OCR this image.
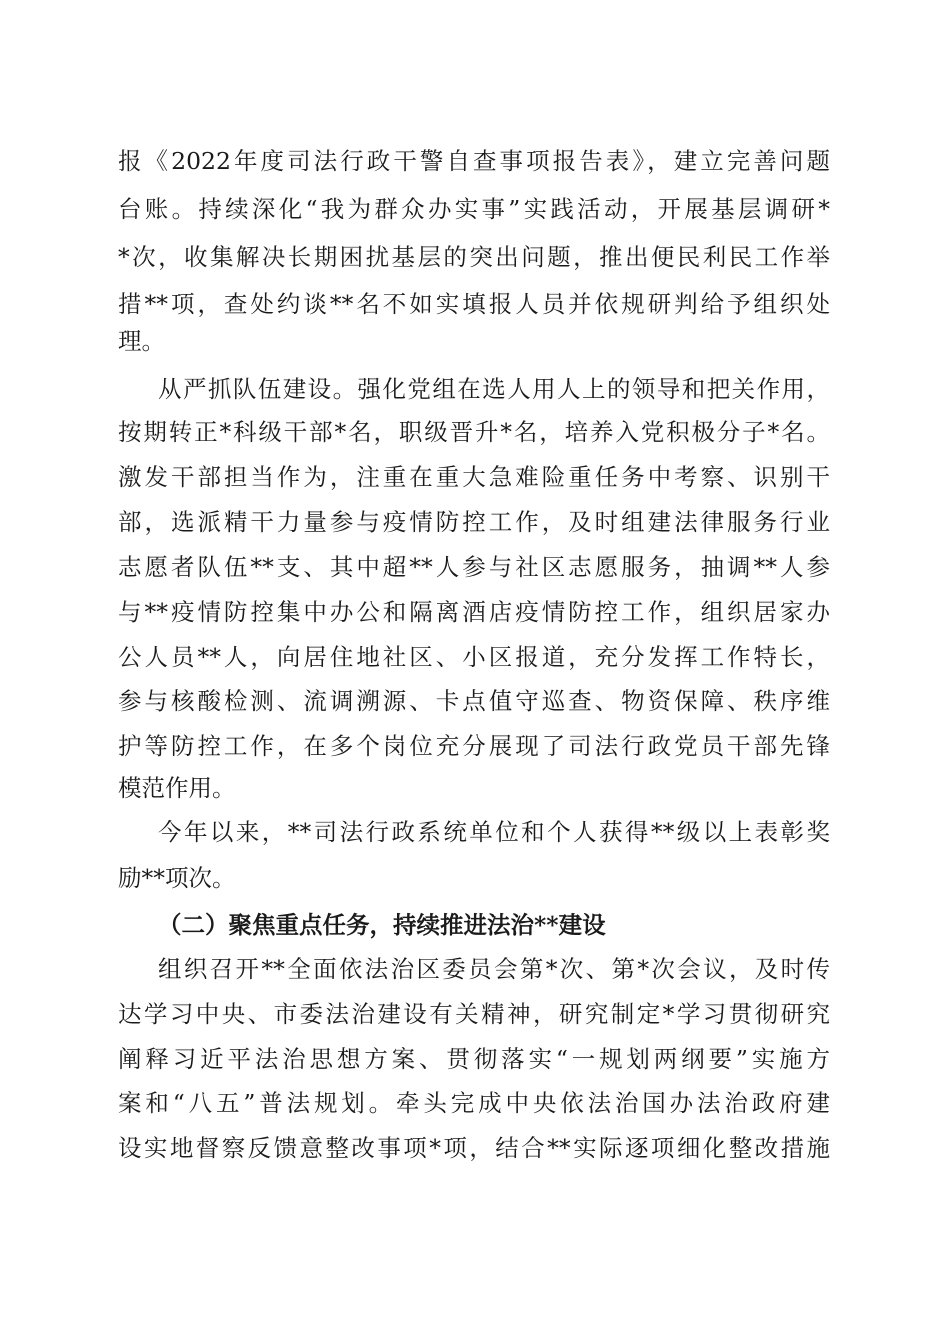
报《2022年度司法行政干警自查事项报告表》，建立完善问题
台账。持续深化“我为群众办实事”实践活动，开展基层调研*
*次，收集解决长期困扰基层的突出问题，推出便民利民工作举
措**项，查处约谈**名不如实填报人员并依规研判给予组织处
理。
从严抓队伍建设。强化党组在选人用人上的领导和把关作用，
按期转正*科级干部*名，职级晋升*名，培养入党积极分子*名。
激发干部担当作为，注重在重大急难险重任务中考察、识别干
部，选派精干力量参与疫情防控工作，及时组建法律服务行业
志愿者队伍**支、其中超**人参与社区志愿服务，抽调**人参
与**疫情防控集中办公和隔离酒店疫情防控工作，组织居家办
公人员**人，向居住地社区、小区报道，充分发挥工作特长，
参与核酸检测、流调溯源、卡点值守巡查、物资保障、秩序维
护等防控工作，在多个岗位充分展现了司法行政党员干部先锋
模范作用。
今年以来，**司法行政系统单位和个人获得**级以上表彰奖
励**项次。
（二）聚焦重点任务，持续推进法治**建设
组织召开**全面依法治区委员会第*次、第*次会议，及时传
达学习中央、市委法治建设有关精神，研究制定*学习贯彻研究
阐释习近平法治思想方案、贯彻落实“一规划两纲要”实施方
案和“八五”普法规划。牵头完成中央依法治国办法治政府建
设实地督察反馈意整改事项*项，结合**实际逐项细化整改措施
